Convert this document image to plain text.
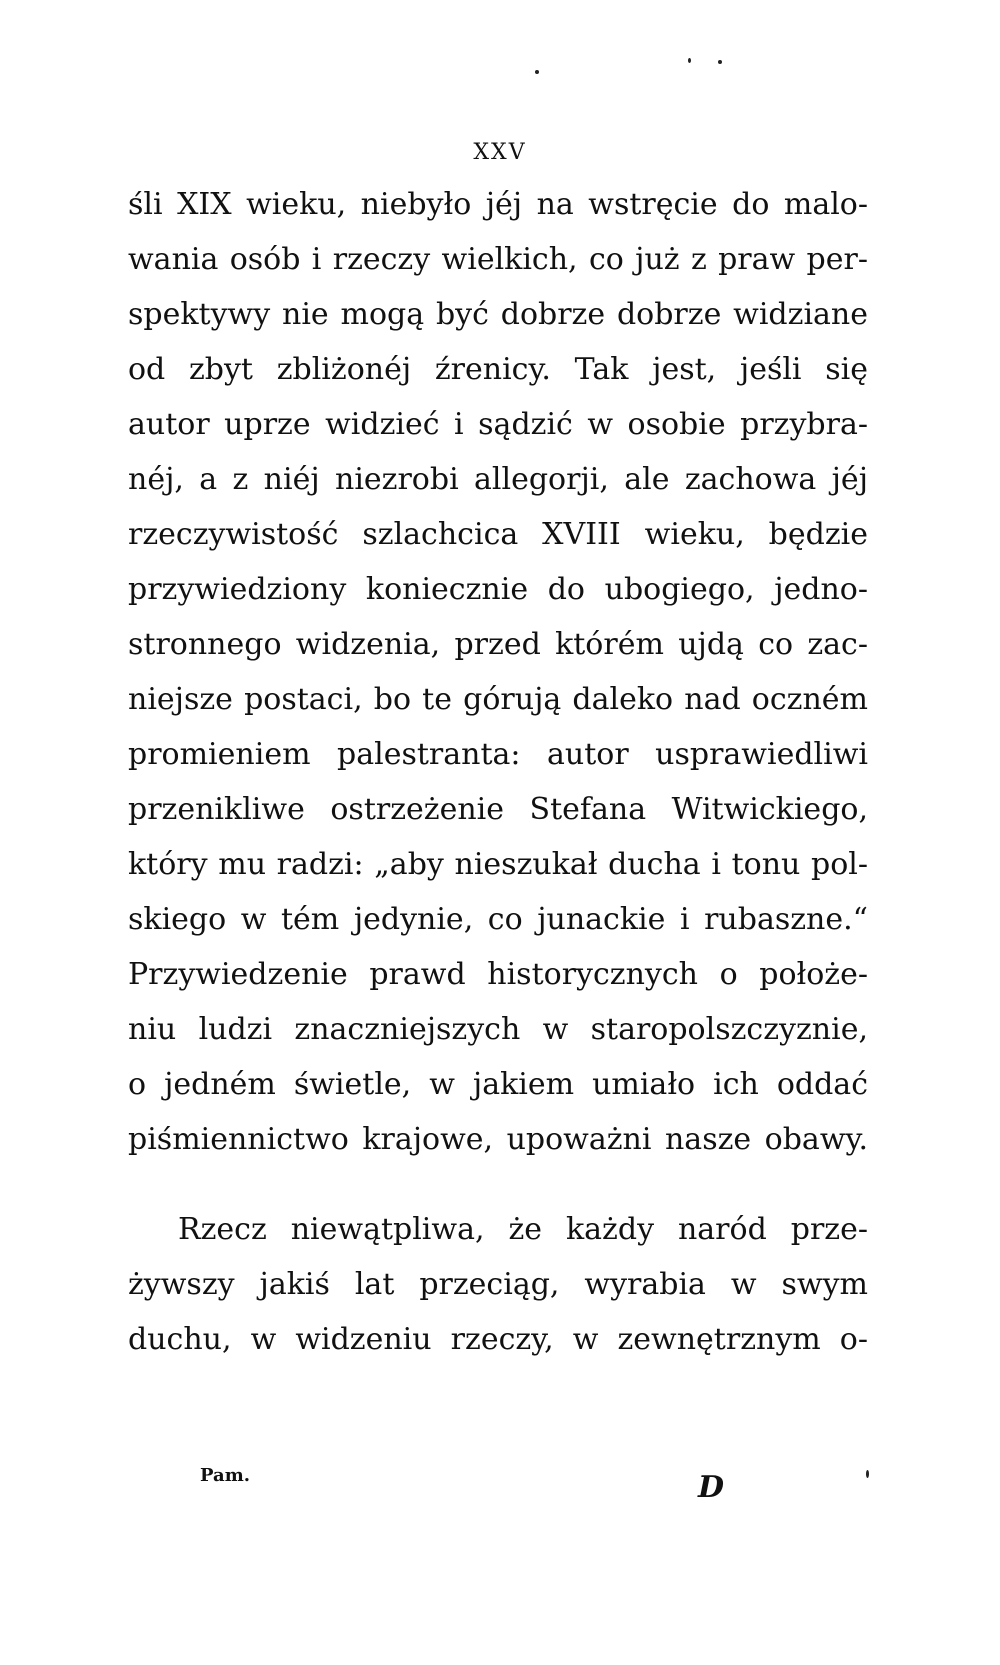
XXV
śli XIX wieku, niebyło jéj na wstręcie do malo-
wania osób i rzeczy wielkich, co już z praw per-
spektywy nie mogą być dobrze dobrze widziane
od zbyt zbliżonéj źrenicy. Tak jest, jeśli się
autor uprze widzieć i sądzić w osobie przybra-
néj, a z niéj niezrobi allegorji, ale zachowa jéj
rzeczywistość szlachcica XVIII wieku, będzie
przywiedziony koniecznie do ubogiego, jedno-
stronnego widzenia, przed którém ujdą co zac-
niejsze postaci, bo te górują daleko nad oczném
promieniem palestranta: autor usprawiedliwi
przenikliwe ostrzeżenie Stefana Witwickiego,
który mu radzi: „aby nieszukał ducha i tonu pol-
skiego w tém jedynie, co junackie i rubaszne.“
Przywiedzenie prawd historycznych o położe-
niu ludzi znaczniejszych w staropolszczyznie,
o jedném świetle, w jakiem umiało ich oddać
piśmiennictwo krajowe, upoważni nasze obawy.
Rzecz niewątpliwa, że każdy naród prze-
żywszy jakiś lat przeciąg, wyrabia w swym
duchu, w widzeniu rzeczy, w zewnętrznym o-
Pam.	D
